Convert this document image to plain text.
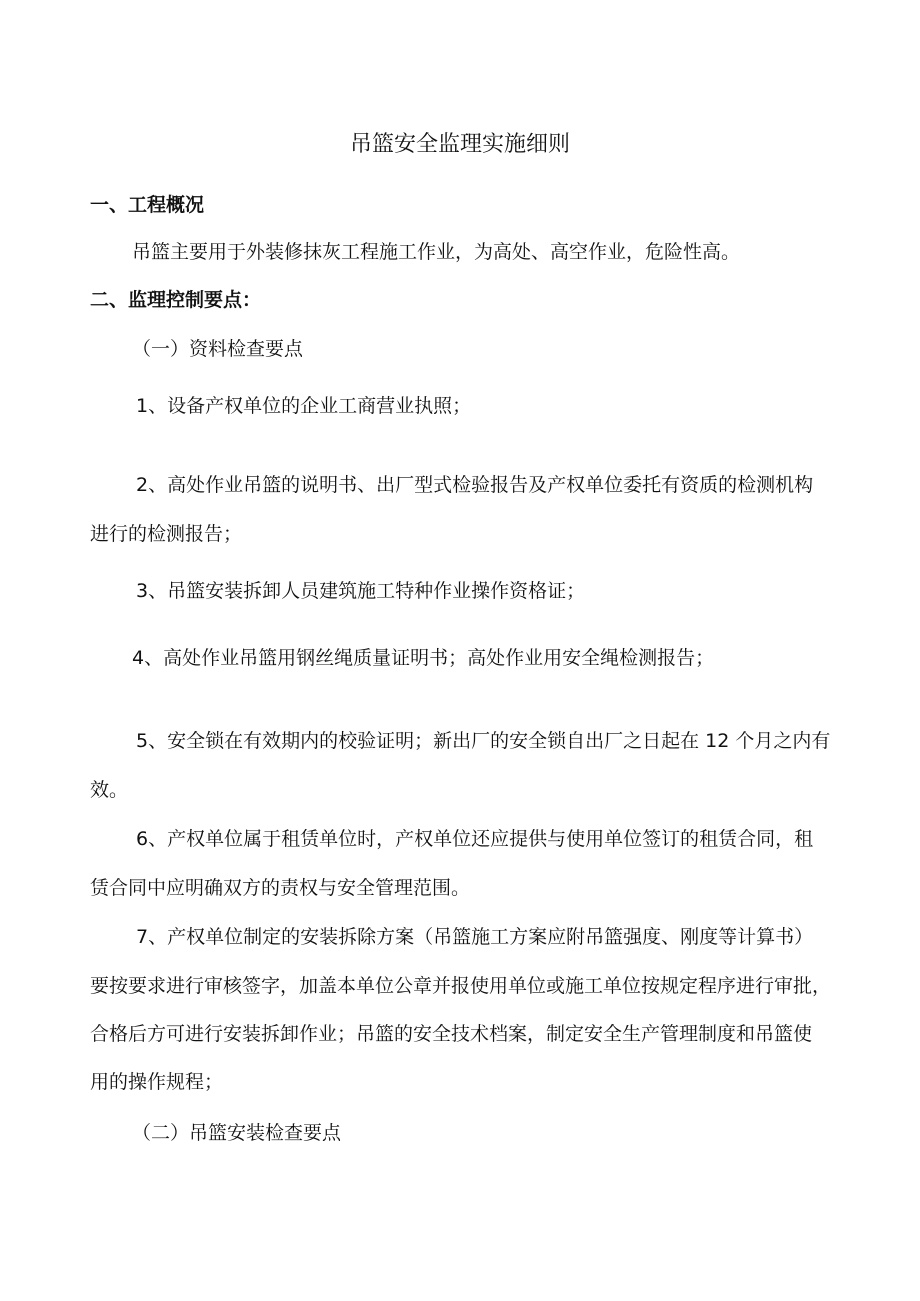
吊篮安全监理实施细则
一、工程概况
吊篮主要用于外装修抹灰工程施工作业，为高处、高空作业，危险性高。
二、监理控制要点：
（一）资料检查要点
1、设备产权单位的企业工商营业执照；
2、高处作业吊篮的说明书、出厂型式检验报告及产权单位委托有资质的检测机构
进行的检测报告；
3、吊篮安装拆卸人员建筑施工特种作业操作资格证；
4、高处作业吊篮用钢丝绳质量证明书；高处作业用安全绳检测报告；
5、安全锁在有效期内的校验证明；新出厂的安全锁自出厂之日起在 12 个月之内有
效。
6、产权单位属于租赁单位时，产权单位还应提供与使用单位签订的租赁合同，租
赁合同中应明确双方的责权与安全管理范围。
7、产权单位制定的安装拆除方案（吊篮施工方案应附吊篮强度、刚度等计算书）
要按要求进行审核签字，加盖本单位公章并报使用单位或施工单位按规定程序进行审批，
合格后方可进行安装拆卸作业；吊篮的安全技术档案，制定安全生产管理制度和吊篮使
用的操作规程；
（二）吊篮安装检查要点
